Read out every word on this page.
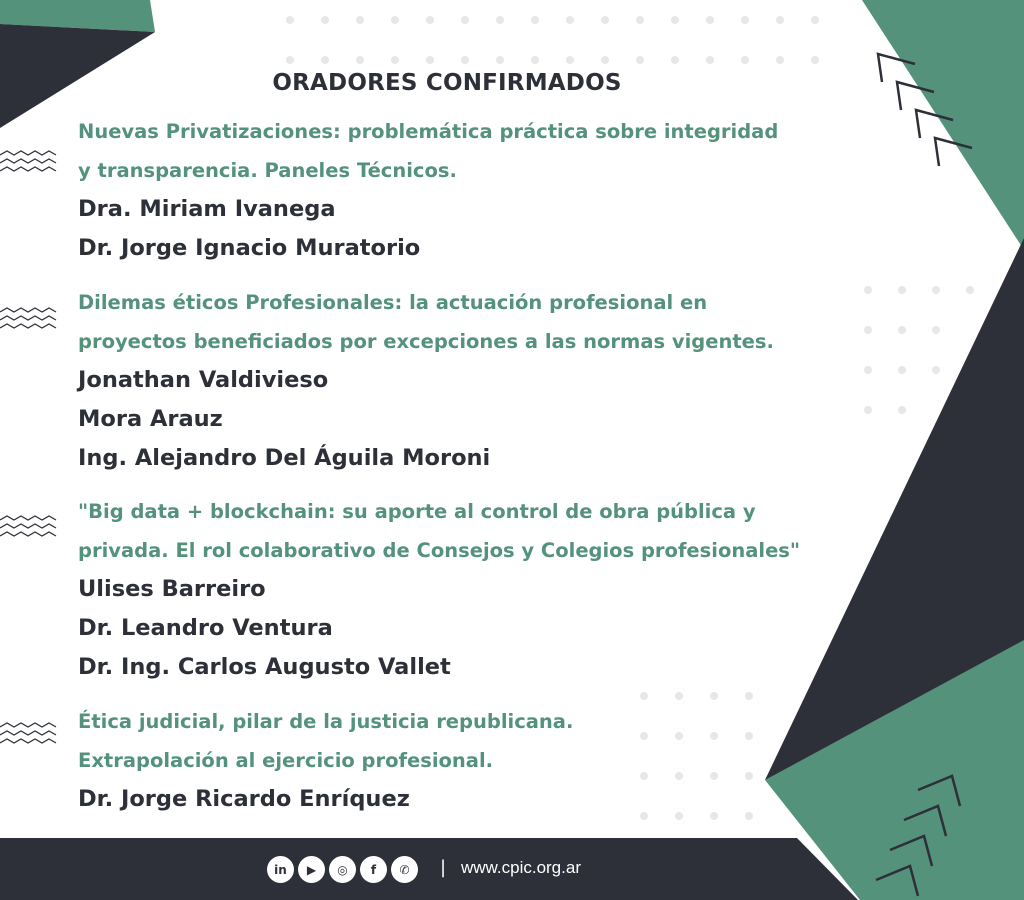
ORADORES CONFIRMADOS
Nuevas Privatizaciones: problemática práctica sobre integridad
y transparencia. Paneles Técnicos.
Dra. Miriam Ivanega
Dr. Jorge Ignacio Muratorio
Dilemas éticos Profesionales: la actuación profesional en
proyectos beneficiados por excepciones a las normas vigentes.
Jonathan Valdivieso
Mora Arauz
Ing. Alejandro Del Águila Moroni
"Big data + blockchain: su aporte al control de obra pública y
privada. El rol colaborativo de Consejos y Colegios profesionales"
Ulises Barreiro
Dr. Leandro Ventura
Dr. Ing. Carlos Augusto Vallet
Ética judicial, pilar de la justicia republicana.
Extrapolación al ejercicio profesional.
Dr. Jorge Ricardo Enríquez
in	▶	◎	f	✆	| www.cpic.org.ar
